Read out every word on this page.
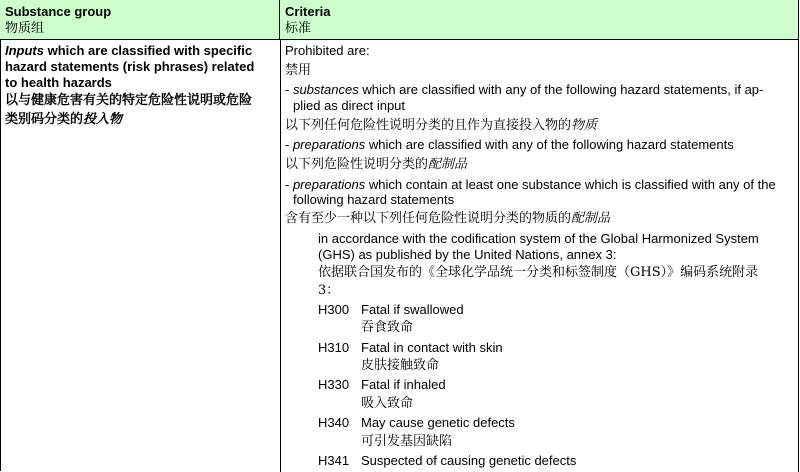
Substance group
物质组
Criteria
标准
Inputs which are classified with specific
hazard statements (risk phrases) related
to health hazards
以与健康危害有关的特定危险性说明或危险
类别码分类的投入物
Prohibited are:
禁用
- substances which are classified with any of the following hazard statements, if ap-
plied as direct input
以下列任何危险性说明分类的且作为直接投入物的物质
- preparations which are classified with any of the following hazard statements
以下列危险性说明分类的配制品
- preparations which contain at least one substance which is classified with any of the
following hazard statements
含有至少一种以下列任何危险性说明分类的物质的配制品
in accordance with the codification system of the Global Harmonized System
(GHS) as published by the United Nations, annex 3:
依据联合国发布的《全球化学品统一分类和标签制度（GHS）》编码系统附录
3：
H300 Fatal if swallowed
吞食致命
H310 Fatal in contact with skin
皮肤接触致命
H330 Fatal if inhaled
吸入致命
H340 May cause genetic defects
可引发基因缺陷
H341 Suspected of causing genetic defects
